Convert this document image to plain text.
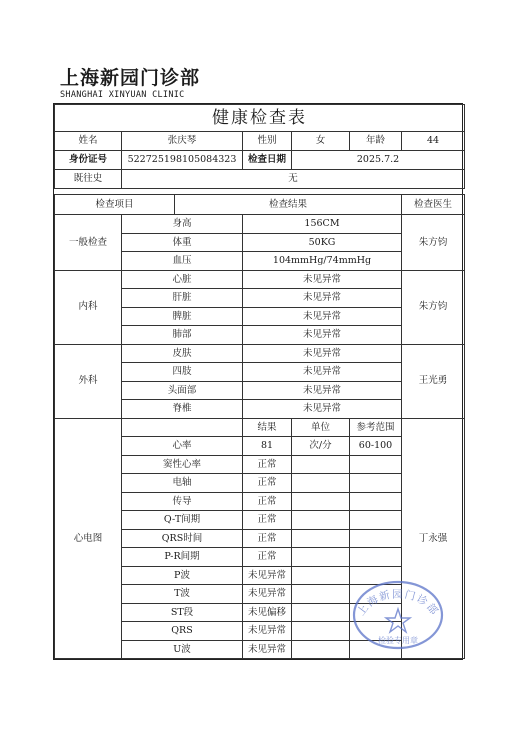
上海新园门诊部
SHANGHAI XINYUAN CLINIC
健康检查表						
姓名	张庆琴		性别	女	年龄	44
身份证号	522725198105084323		检查日期	2025.7.2		
既往史	无					

检查项目		检查结果				检查医生
一般检查	身高		156CM			朱方钧
	体重		50KG			
	血压		104mmHg/74mmHg			
内科	心脏		未见异常			朱方钧
	肝脏		未见异常			
	脾脏		未见异常			
	肺部		未见异常			
外科	皮肤		未见异常			王光勇
	四肢		未见异常			
	头面部		未见异常			
	脊椎		未见异常			
心电图			结果	单位	参考范围	丁永强
	心率		81	次/分	60-100	
	窦性心率		正常			
	电轴		正常			
	传导		正常			
	Q-T间期		正常			
	QRS时间		正常			
	P-R间期		正常			
	P波		未见异常			
	T波		未见异常			
	ST段		未见偏移			
	QRS		未见异常			
	U波		未见异常			
上海新园门诊部
检验专用章
